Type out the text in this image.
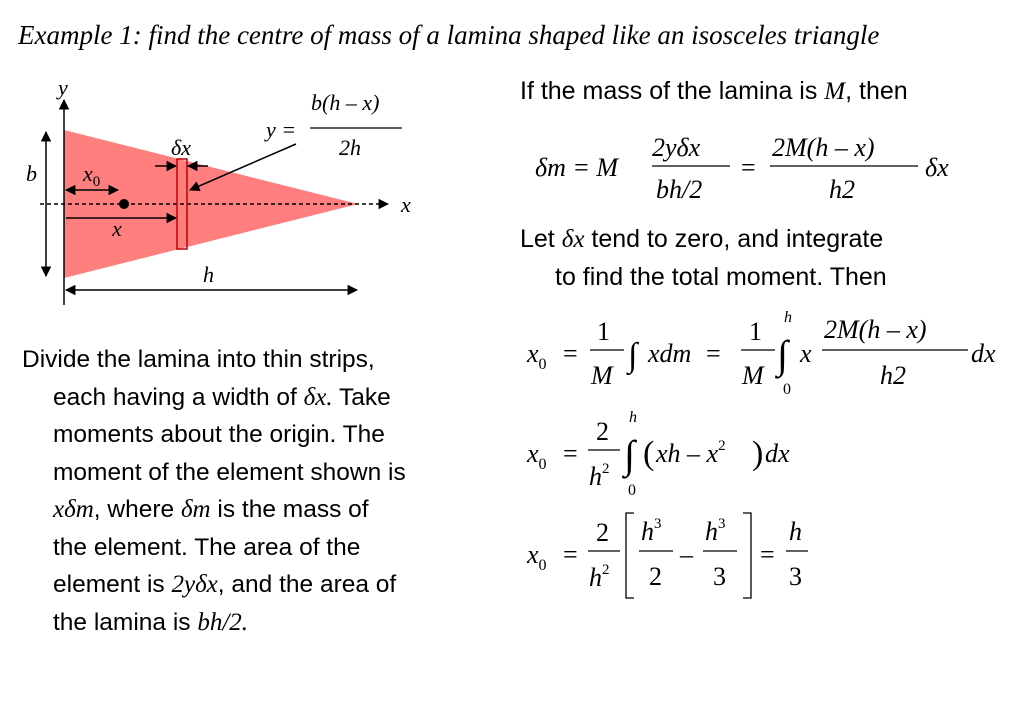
Example 1: find the centre of mass of a lamina shaped like an isosceles triangle
y
x
b
h
$x_0$
x
δx
y =
b(h – x)
2h
If the mass of the lamina is M, then
Let δx tend to zero, and integrate
to find the total moment. Then
δm = M
2yδx
bh/2
=
2M(h – x)
h2
δx
$x_0$ =
1
M
∫ xdm =
1
M ∫
h
0
x
2M(h – x)
h2
dx
$x_0$ =
2
$h^2$ ∫
h
0
( xh – $x^2$ ) dx
$x_0$ =
2
$h^2$
$h^3$
2
–
$h^3$
3
=
h
3
Divide the lamina into thin strips,
each having a width of δx. Take
moments about the origin. The
moment of the element shown is
xδm, where δm is the mass of
the element. The area of the
element is 2yδx, and the area of
the lamina is bh/2.
